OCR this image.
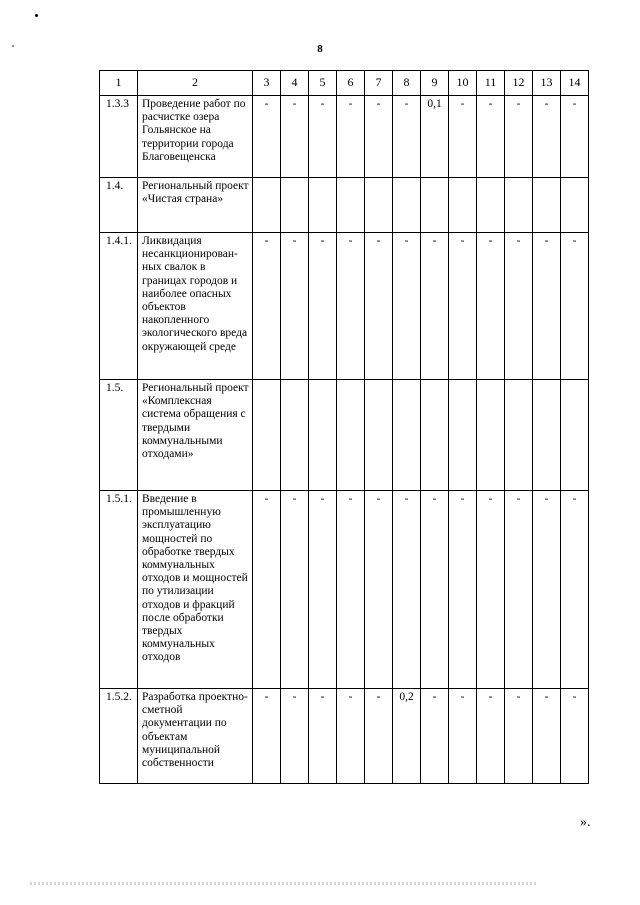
8
1	2	3	4	5	6	7	8	9	10	11	12	13	14
1.3.3	Проведение работ по расчистке озера Гольянское на территории города Благовещенска	-	-	-	-	-	-	0,1	-	-	-	-	-
1.4.	Региональный проект «Чистая страна»												
1.4.1.	Ликвидация несанкционирован-ных свалок в границах городов и наиболее опасных объектов накопленного экологического вреда окружающей среде	-	-	-	-	-	-	-	-	-	-	-	-
1.5.	Региональный проект «Комплексная система обращения с твердыми коммунальными отходами»												
1.5.1.	Введение в промышленную эксплуатацию мощностей по обработке твердых коммунальных отходов и мощностей по утилизации отходов и фракций после обработки твердых коммунальных отходов	-	-	-	-	-	-	-	-	-	-	-	-
1.5.2.	Разработка проектно-сметной документации по объектам муниципальной собственности	-	-	-	-	-	0,2	-	-	-	-	-	-
».
